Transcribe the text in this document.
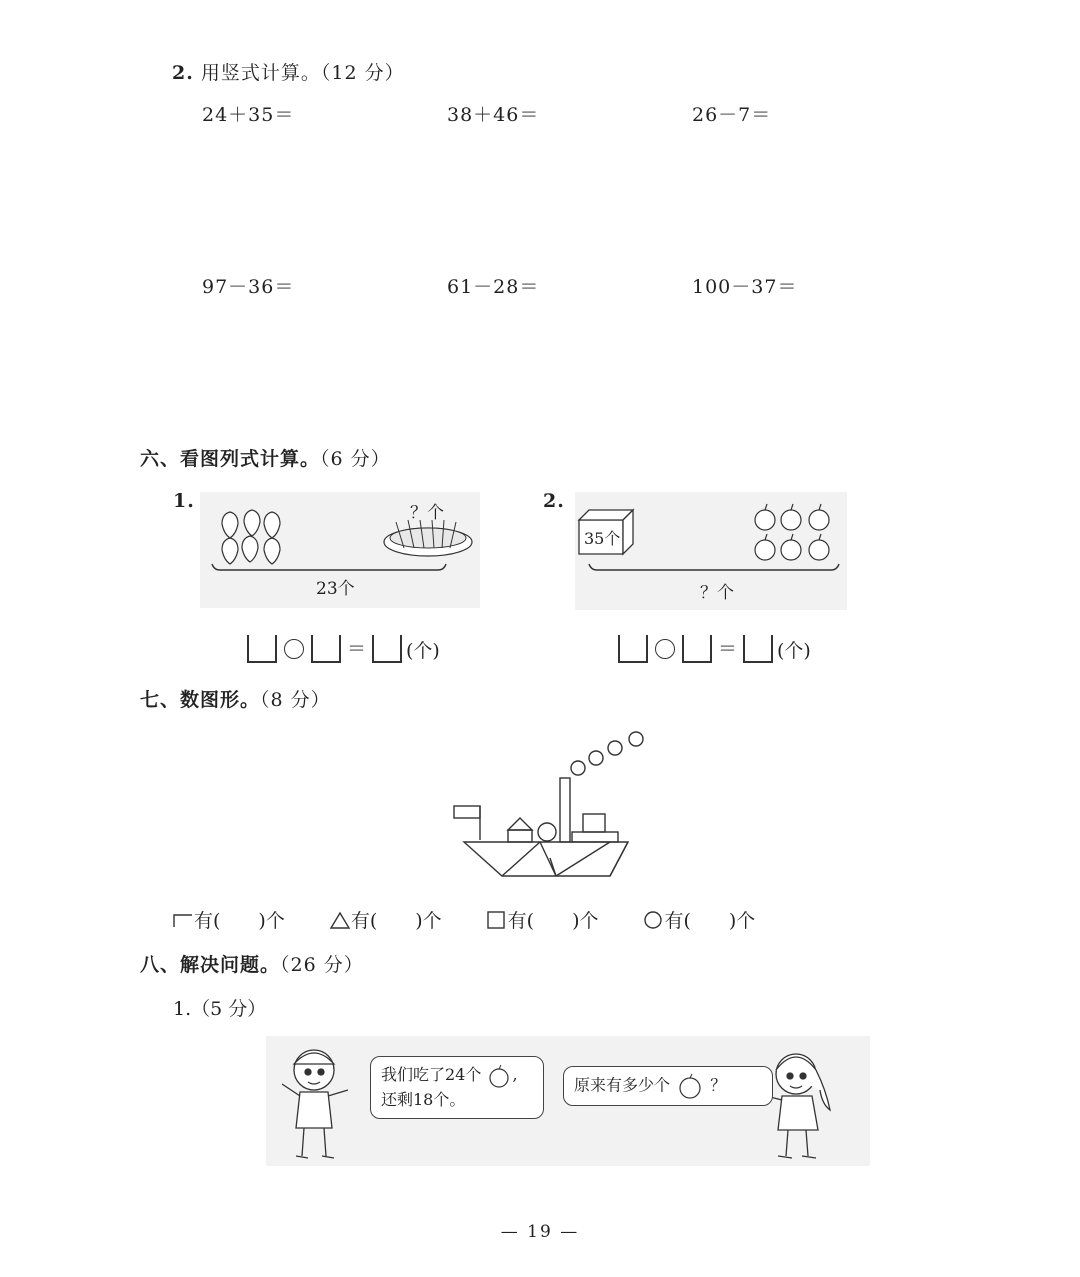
2. 用竖式计算。（12 分）
24＋35＝	38＋46＝	26－7＝
97－36＝	61－28＝	100－37＝
六、看图列式计算。（6 分）
1.
？个
23个
2.
35个
？个
＝ (个)	＝ (个)
七、数图形。（8 分）
有(　　)个	有(　　)个	有(　　)个	有(　　)个
八、解决问题。（26 分）
1.（5 分）
我们吃了24个 ,
还剩18个。
原来有多少个	？
— 19 —
